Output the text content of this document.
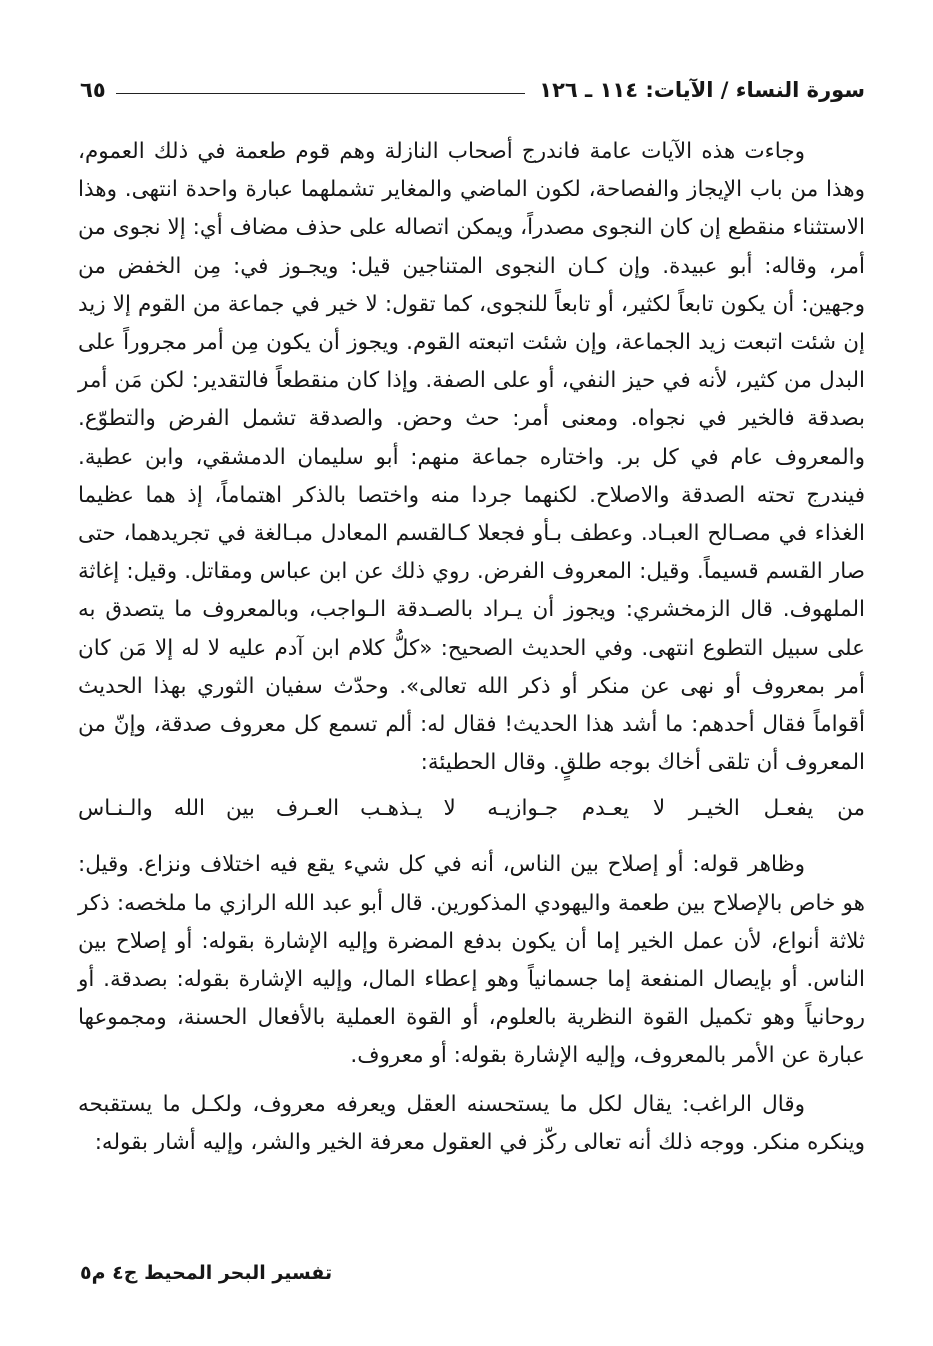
سورة النساء / الآيات: ١١٤ ـ ١٢٦
٦٥

وجاءت هذه الآيات عامة فاندرج أصحاب النازلة وهم قوم طعمة في ذلك العموم، وهذا من باب الإيجاز والفصاحة، لكون الماضي والمغاير تشملهما عبارة واحدة انتهى. وهذا الاستثناء منقطع إن كان النجوى مصدراً، ويمكن اتصاله على حذف مضاف أي: إلا نجوى من أمر، وقاله: أبو عبيدة. وإن كـان النجوى المتناجين قيل: ويجـوز في: مِن الخفض من وجهين: أن يكون تابعاً لكثير، أو تابعاً للنجوى، كما تقول: لا خير في جماعة من القوم إلا زيد إن شئت اتبعت زيد الجماعة، وإن شئت اتبعته القوم. ويجوز أن يكون مِن أمر مجروراً على البدل من كثير، لأنه في حيز النفي، أو على الصفة. وإذا كان منقطعاً فالتقدير: لكن مَن أمر بصدقة فالخير في نجواه. ومعنى أمر: حث وحض. والصدقة تشمل الفرض والتطوّع. والمعروف عام في كل بر. واختاره جماعة منهم: أبو سليمان الدمشقي، وابن عطية. فيندرج تحته الصدقة والاصلاح. لكنهما جردا منه واختصا بالذكر اهتماماً، إذ هما عظيما الغذاء في مصـالح العبـاد. وعطف بـأو فجعلا كـالقسم المعادل مبـالغة في تجريدهما، حتى صار القسم قسيماً. وقيل: المعروف الفرض. روي ذلك عن ابن عباس ومقاتل. وقيل: إغاثة الملهوف. قال الزمخشري: ويجوز أن يـراد بالصـدقة الـواجب، وبالمعروف ما يتصدق به على سبيل التطوع انتهى. وفي الحديث الصحيح: «كلُّ كلام ابن آدم عليه لا له إلا مَن كان أمر بمعروف أو نهى عن منكر أو ذكر الله تعالى». وحدّث سفيان الثوري بهذا الحديث أقواماً فقال أحدهم: ما أشد هذا الحديث! فقال له: ألم تسمع كل معروف صدقة، وإنّ من المعروف أن تلقى أخاك بوجه طلقٍ. وقال الحطيئة:

من يفعـل الخيـر لا يعـدم جـوازيـه
لا يـذهـب العـرف بين الله والـنـاس

وظاهر قوله: أو إصلاح بين الناس، أنه في كل شيء يقع فيه اختلاف ونزاع. وقيل: هو خاص بالإصلاح بين طعمة واليهودي المذكورين. قال أبو عبد الله الرازي ما ملخصه: ذكر ثلاثة أنواع، لأن عمل الخير إما أن يكون بدفع المضرة وإليه الإشارة بقوله: أو إصلاح بين الناس. أو بإيصال المنفعة إما جسمانياً وهو إعطاء المال، وإليه الإشارة بقوله: بصدقة. أو روحانياً وهو تكميل القوة النظرية بالعلوم، أو القوة العملية بالأفعال الحسنة، ومجموعها عبارة عن الأمر بالمعروف، وإليه الإشارة بقوله: أو معروف.

وقال الراغب: يقال لكل ما يستحسنه العقل ويعرفه معروف، ولكـل ما يستقبحه وينكره منكر. ووجه ذلك أنه تعالى ركّز في العقول معرفة الخير والشر، وإليه أشار بقوله:

تفسير البحر المحيط ج٤ م٥
